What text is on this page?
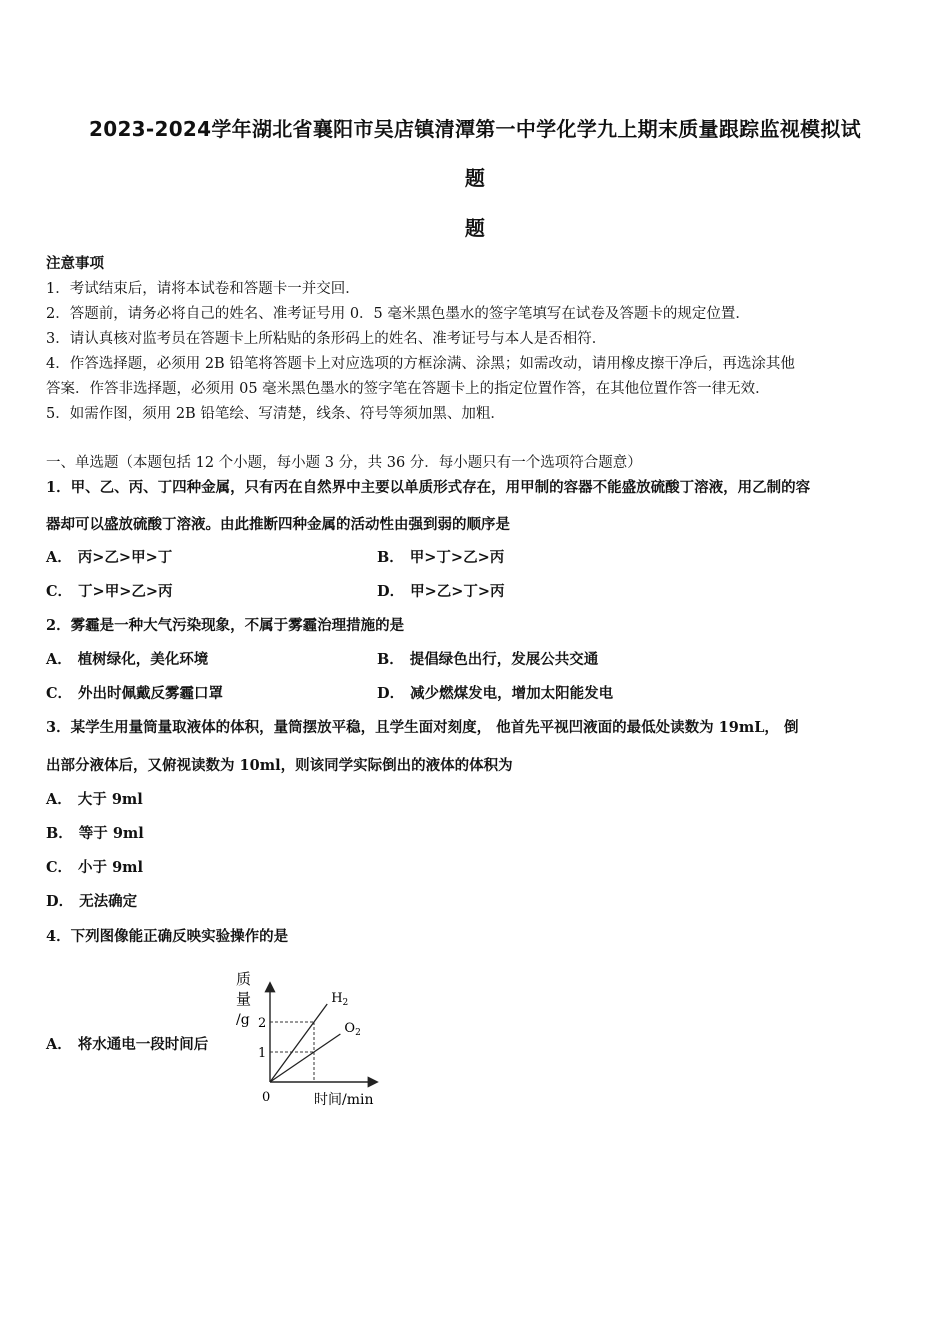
2023-2024学年湖北省襄阳市吴店镇清潭第一中学化学九上期末质量跟踪监视模拟试
题
题
注意事项
1．考试结束后，请将本试卷和答题卡一并交回．
2．答题前，请务必将自己的姓名、准考证号用 0．5 毫米黑色墨水的签字笔填写在试卷及答题卡的规定位置．
3．请认真核对监考员在答题卡上所粘贴的条形码上的姓名、准考证号与本人是否相符．
4．作答选择题，必须用 2B 铅笔将答题卡上对应选项的方框涂满、涂黑；如需改动，请用橡皮擦干净后，再选涂其他
答案．作答非选择题，必须用 05 毫米黑色墨水的签字笔在答题卡上的指定位置作答，在其他位置作答一律无效．
5．如需作图，须用 2B 铅笔绘、写清楚，线条、符号等须加黑、加粗．
一、单选题（本题包括 12 个小题，每小题 3 分，共 36 分．每小题只有一个选项符合题意）
1．甲、乙、丙、丁四种金属，只有丙在自然界中主要以单质形式存在，用甲制的容器不能盛放硫酸丁溶液，用乙制的容
器却可以盛放硫酸丁溶液。由此推断四种金属的活动性由强到弱的顺序是
A． 丙>乙>甲>丁	B． 甲>丁>乙>丙
C． 丁>甲>乙>丙	D． 甲>乙>丁>丙
2．雾霾是一种大气污染现象，不属于雾霾治理措施的是
A． 植树绿化，美化环境	B． 提倡绿色出行，发展公共交通
C． 外出时佩戴反雾霾口罩	D． 减少燃煤发电，增加太阳能发电
3．某学生用量筒量取液体的体积，量筒摆放平稳，且学生面对刻度， 他首先平视凹液面的最低处读数为 19mL， 倒
出部分液体后，又俯视读数为 10ml，则该同学实际倒出的液体的体积为
A． 大于 9ml
B． 等于 9ml
C． 小于 9ml
D． 无法确定
4．下列图像能正确反映实验操作的是
A． 将水通电一段时间后
1
2
$H_2$
$O_2$
质
量
/g
0	时间/min
